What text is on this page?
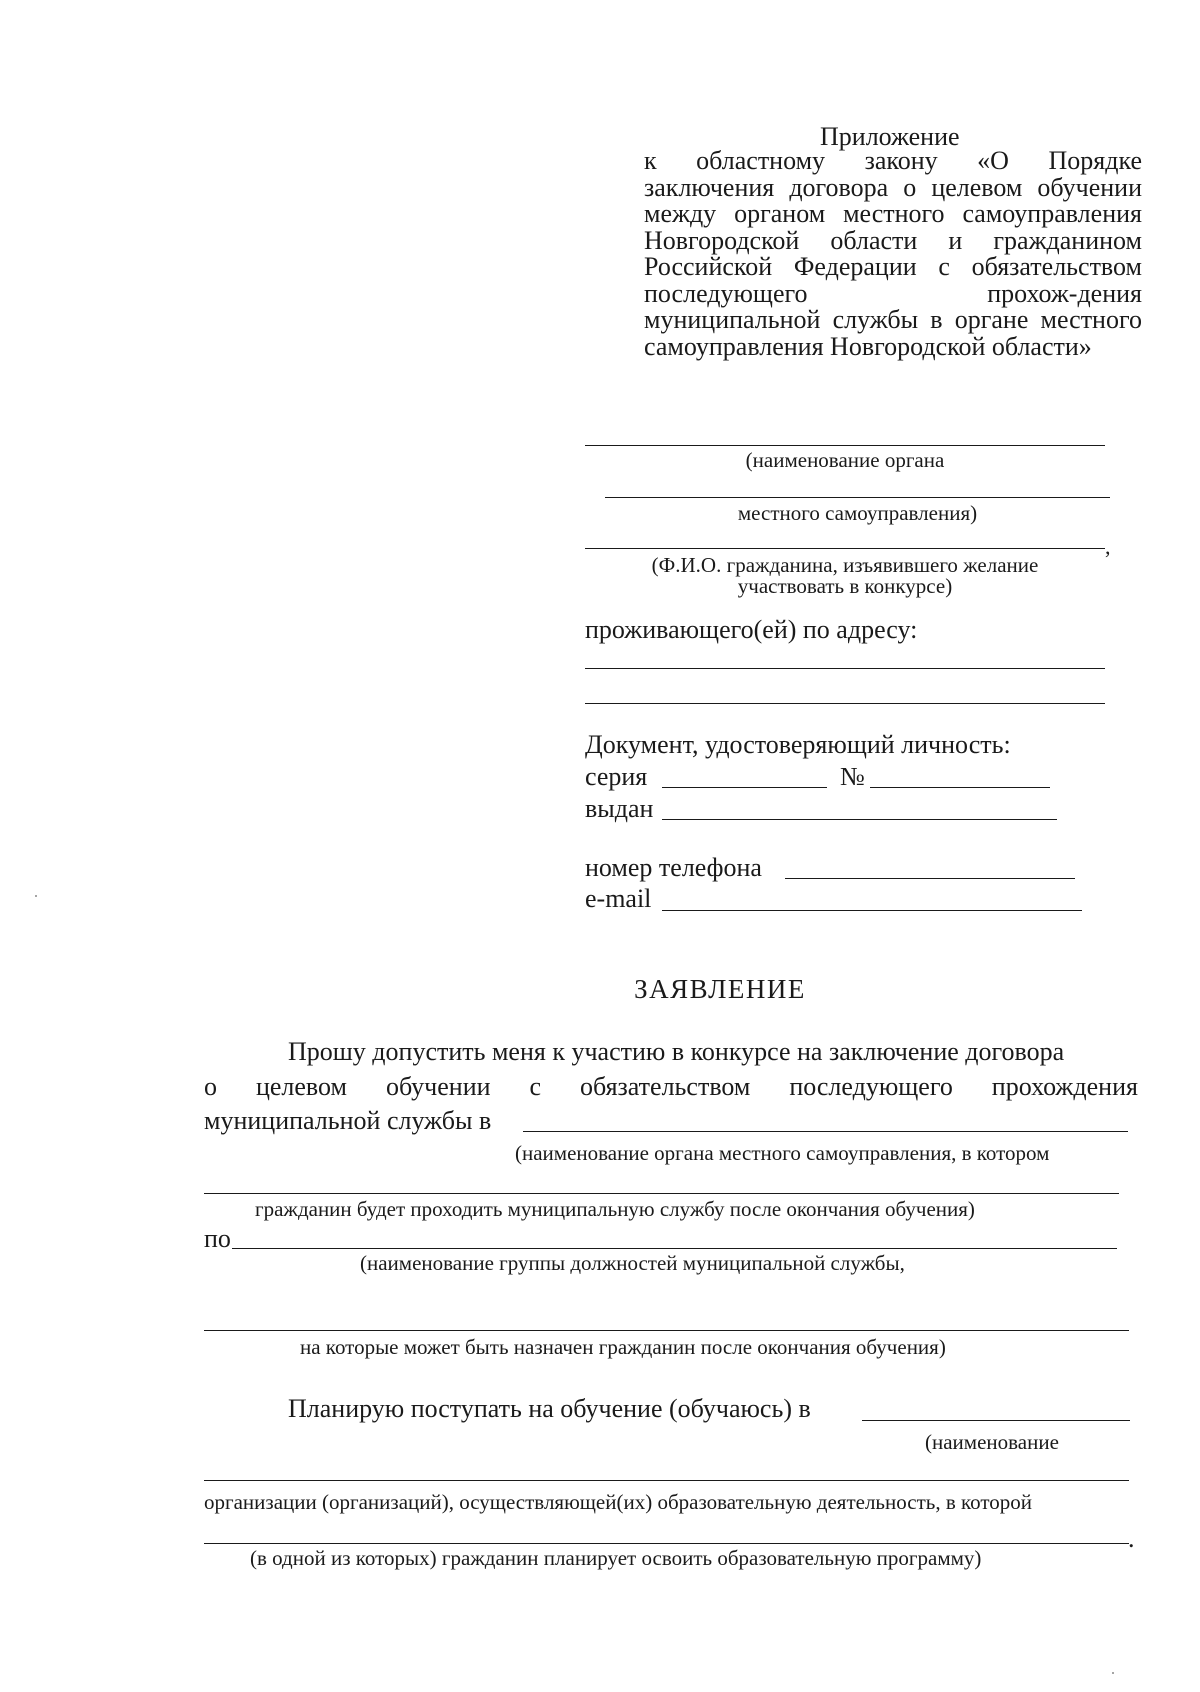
Приложение
к областному закону «О Порядке заключения договора о целевом обучении между органом местного самоуправления Новгородской области и гражданином Российской Федерации с обязательством последующего прохож-дения муниципальной службы в органе местного самоуправления Новгородской области»
(наименование органа
местного самоуправления)
,
(Ф.И.О. гражданина, изъявившего желание
участвовать в конкурсе)
проживающего(ей) по адресу:
Документ, удостоверяющий личность:
серия	№
выдан
номер телефона
e-mail
ЗАЯВЛЕНИЕ
Прошу допустить меня к участию в конкурсе на заключение договора
о целевом обучении с обязательством последующего прохождения
муниципальной службы в
(наименование органа местного самоуправления, в котором
гражданин будет проходить муниципальную службу после окончания обучения)
по
(наименование группы должностей муниципальной службы,
на которые может быть назначен гражданин после окончания обучения)
Планирую поступать на обучение (обучаюсь) в
(наименование
организации (организаций), осуществляющей(их) образовательную деятельность, в которой
.
(в одной из которых) гражданин планирует освоить образовательную программу)
